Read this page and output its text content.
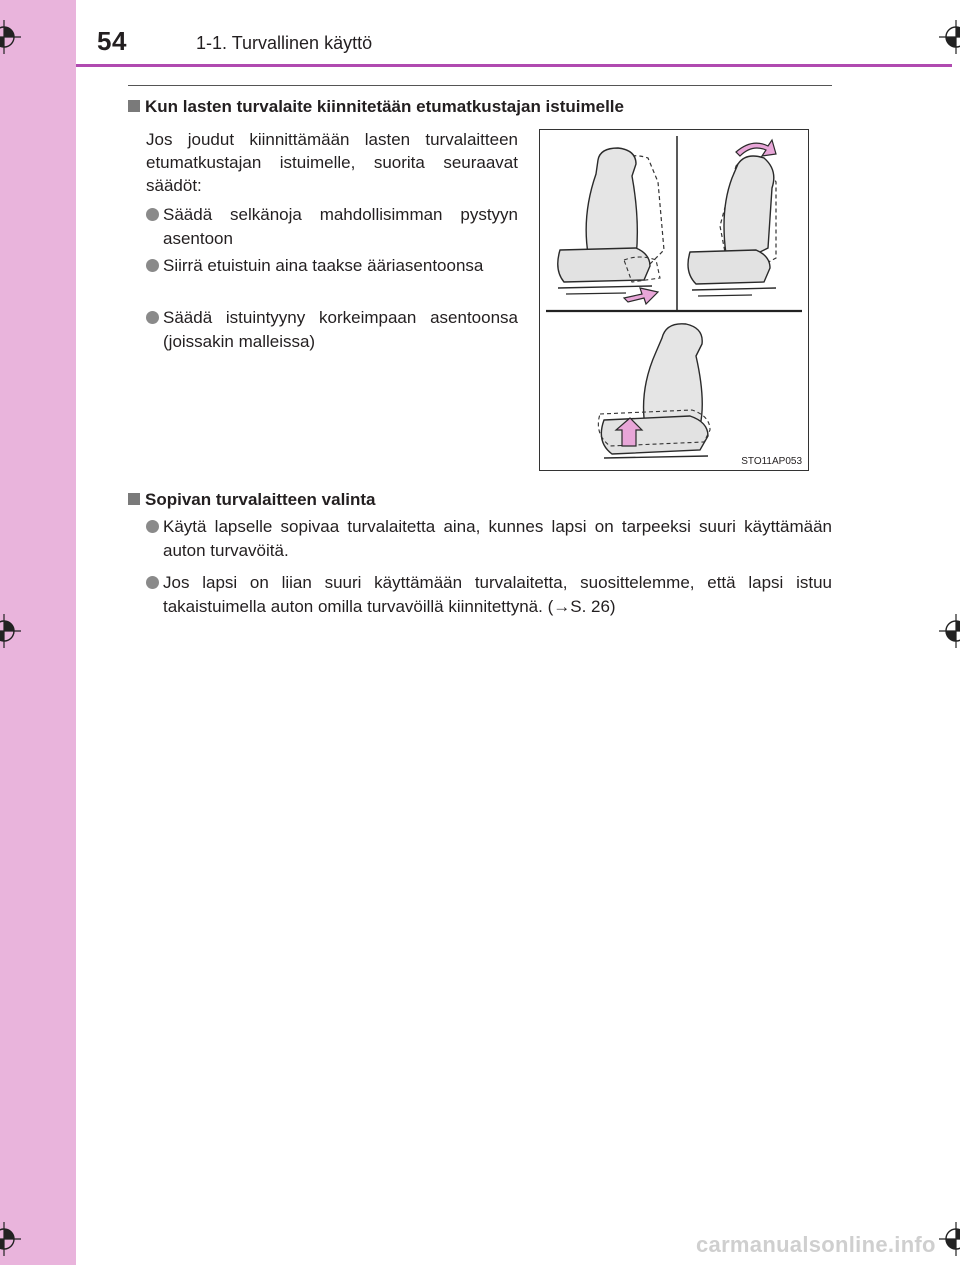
54	1-1. Turvallinen käyttö
Kun lasten turvalaite kiinnitetään etumatkustajan istuimelle
Jos joudut kiinnittämään lasten turvalaitteen etumatkustajan istuimelle, suorita seuraavat säädöt:
Säädä selkänoja mahdollisimman pystyyn asentoon
Siirrä etuistuin aina taakse ääriasentoonsa
Säädä istuintyyny korkeimpaan asentoonsa (joissakin malleissa)
STO11AP053
Sopivan turvalaitteen valinta
Käytä lapselle sopivaa turvalaitetta aina, kunnes lapsi on tarpeeksi suuri käyttämään auton turvavöitä.
Jos lapsi on liian suuri käyttämään turvalaitetta, suosittelemme, että lapsi istuu takaistuimella auton omilla turvavöillä kiinnitettynä. (→S. 26)
carmanualsonline.info
